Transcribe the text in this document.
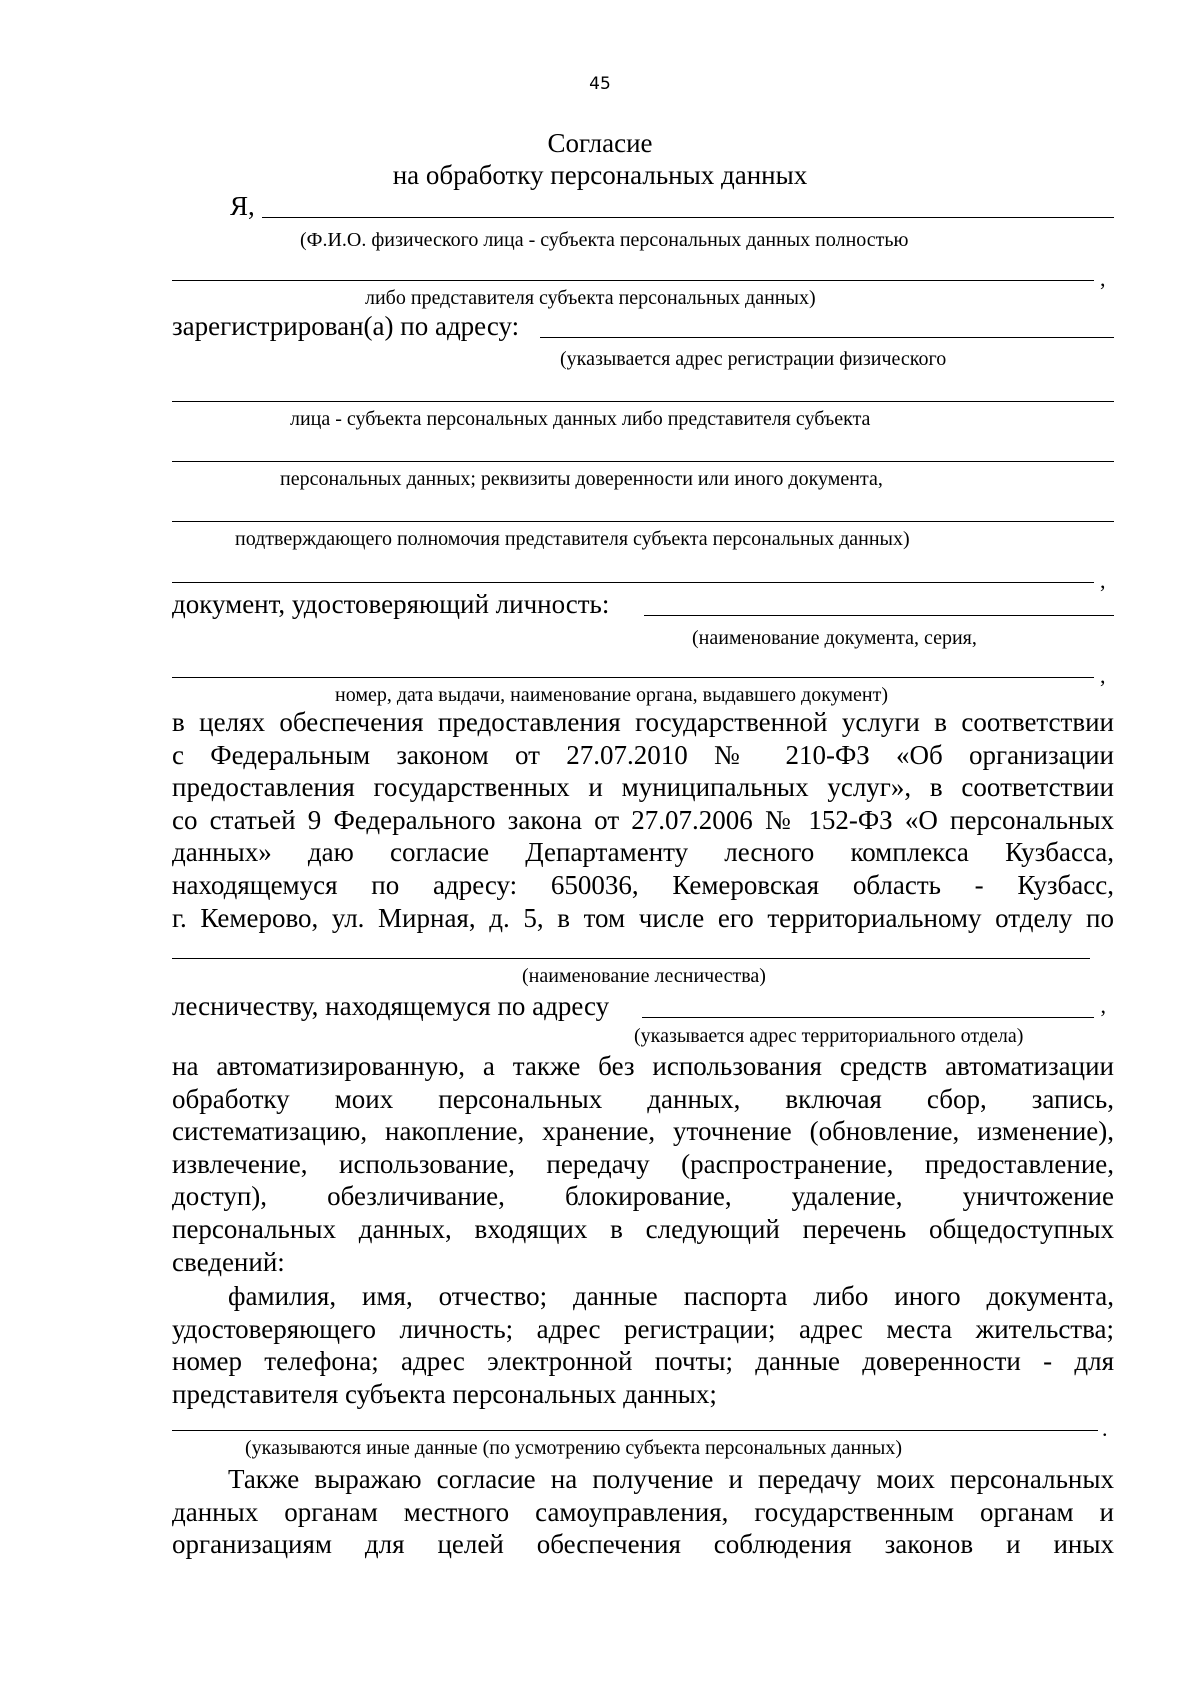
45
Согласие
на обработку персональных данных
Я,
(Ф.И.О. физического лица - субъекта персональных данных полностью
,
либо представителя субъекта персональных данных)
зарегистрирован(а) по адресу:
(указывается адрес регистрации физического
лица - субъекта персональных данных либо представителя субъекта
персональных данных; реквизиты доверенности или иного документа,
подтверждающего полномочия представителя субъекта персональных данных)
,
документ, удостоверяющий личность:
(наименование документа, серия,
,
номер, дата выдачи, наименование органа, выдавшего документ)
в целях обеспечения предоставления государственной услуги в соответствии
с Федеральным законом от 27.07.2010 № 210-ФЗ «Об организации
предоставления государственных и муниципальных услуг», в соответствии
со статьей 9 Федерального закона от 27.07.2006 № 152-ФЗ «О персональных
данных» даю согласие Департаменту лесного комплекса Кузбасса,
находящемуся по адресу: 650036, Кемеровская область - Кузбасс,
г. Кемерово, ул. Мирная, д. 5, в том числе его территориальному отделу по
(наименование лесничества)
лесничеству, находящемуся по адресу	,
(указывается адрес территориального отдела)
на автоматизированную, а также без использования средств автоматизации
обработку моих персональных данных, включая сбор, запись,
систематизацию, накопление, хранение, уточнение (обновление, изменение),
извлечение, использование, передачу (распространение, предоставление,
доступ), обезличивание, блокирование, удаление, уничтожение
персональных данных, входящих в следующий перечень общедоступных
сведений:
фамилия, имя, отчество; данные паспорта либо иного документа,
удостоверяющего личность; адрес регистрации; адрес места жительства;
номер телефона; адрес электронной почты; данные доверенности - для
представителя субъекта персональных данных;
.
(указываются иные данные (по усмотрению субъекта персональных данных)
Также выражаю согласие на получение и передачу моих персональных
данных органам местного самоуправления, государственным органам и
организациям для целей обеспечения соблюдения законов и иных
